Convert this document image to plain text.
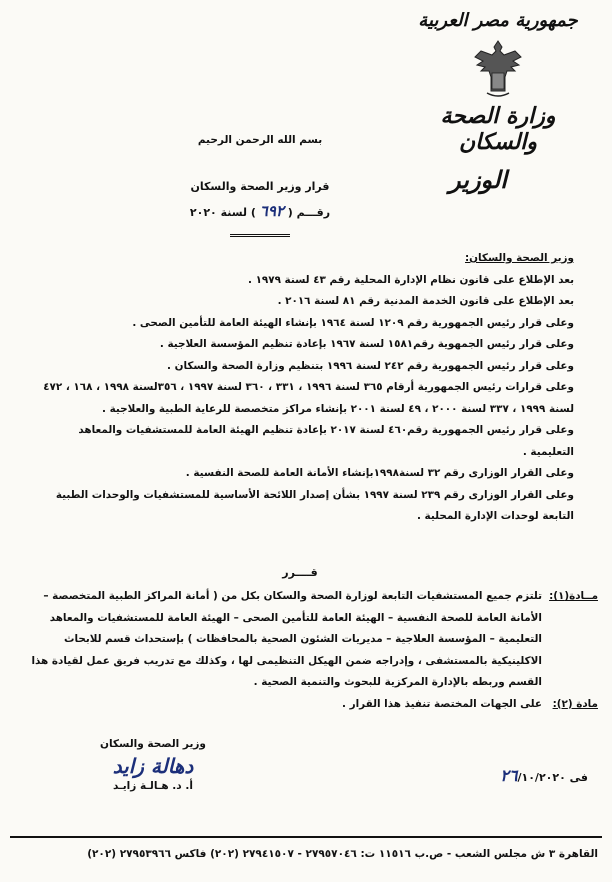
جمهورية مصر العربية
وزارة الصحة والسكان
الوزير
بسم الله الرحمن الرحيم
قرار وزير الصحة والسكان
رقـــم ( ٦٩٢ ) لسنة ٢٠٢٠

وزير الصحة والسكان:

بعد الإطلاع على قانون نظام الإدارة المحلية رقم ٤٣ لسنة ١٩٧٩ .

بعد الإطلاع على قانون الخدمة المدنية رقم ٨١ لسنة ٢٠١٦ .

وعلى قرار رئيس الجمهورية رقم ١٢٠٩ لسنة ١٩٦٤ بإنشاء الهيئة العامة للتأمين الصحى .

وعلى قرار رئيس الجمهوية رقم١٥٨١ لسنة ١٩٦٧ بإعادة تنظيم المؤسسة العلاجية .

وعلى قرار رئيس الجمهورية رقم ٢٤٢ لسنة ١٩٩٦ بتنظيم وزارة الصحة والسكان .

وعلى قرارات رئيس الجمهورية أرقام ٣٦٥ لسنة ١٩٩٦ ، ٣٣١ ، ٣٦٠ لسنة ١٩٩٧ ، ٣٥٦لسنة ١٩٩٨ ، ١٦٨ ، ٤٧٢ لسنة ١٩٩٩ ، ٣٣٧ لسنة ٢٠٠٠ ، ٤٩ لسنة ٢٠٠١ بإنشاء مراكز متخصصة للرعاية الطبية والعلاجية .

وعلى قرار رئيس الجمهورية رقم٤٦٠ لسنة ٢٠١٧ بإعادة تنظيم الهيئة العامة للمستشفيات والمعاهد التعليمية .

وعلى القرار الوزارى رقم ٣٢ لسنة١٩٩٨بإنشاء الأمانة العامة للصحة النفسية .

وعلى القرار الوزارى رقم ٢٣٩ لسنة ١٩٩٧ بشأن إصدار اللائحة الأساسية للمستشفيات والوحدات الطبية التابعة لوحدات الإدارة المحلية .

قــــرر
مــادة(١):
تلتزم جميع المستشفيات التابعة لوزارة الصحة والسكان بكل من ( أمانة المراكز الطبية المتخصصة – الأمانة العامة للصحة النفسية – الهيئة العامة للتأمين الصحى – الهيئة العامة للمستشفيات والمعاهد التعليمية – المؤسسة العلاجية – مديريات الشئون الصحية بالمحافظات ) بإستحداث قسم للابحاث الاكلينيكية بالمستشفى ، وإدراجه ضمن الهيكل التنظيمى لها ، وكذلك مع تدريب فريق عمل لقيادة هذا القسم وربطه بالإدارة المركزية للبحوث والتنمية الصحية .
مادة (٢):
على الجهات المختصة تنفيذ هذا القرار .
وزير الصحة والسكان
دهالة زايد
أ. د. هـالـة زايـد
فى ٢٦/١٠/٢٠٢٠
القاهرة ٣ ش مجلس الشعب - ص.ب ١١٥١٦ ت: ٢٧٩٥٧٠٤٦ - ٢٧٩٤١٥٠٧ (٢٠٢) فاكس ٢٧٩٥٣٩٦٦ (٢٠٢)
